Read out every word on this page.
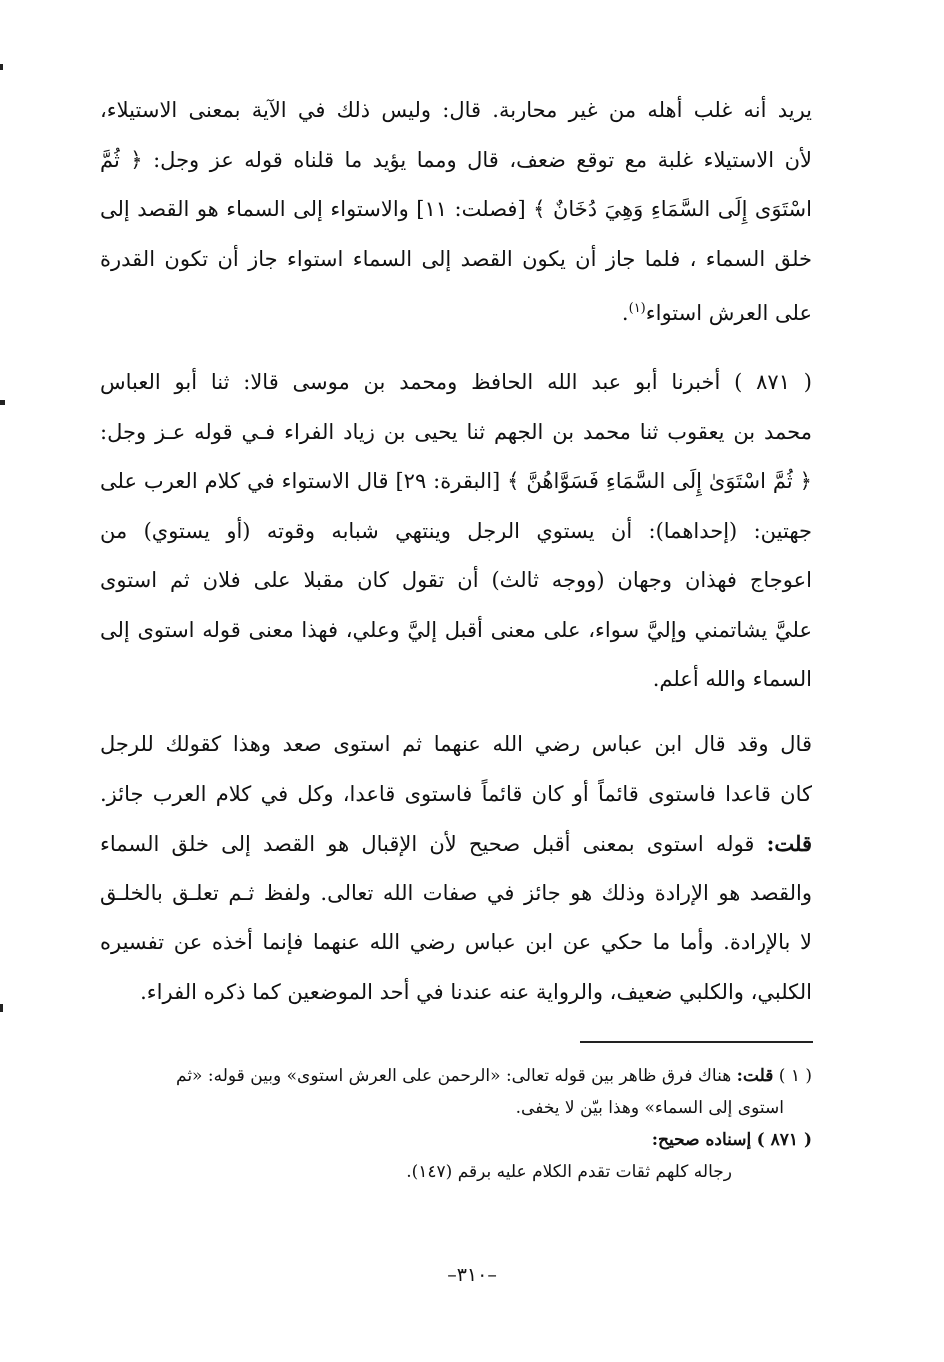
يريد أنه غلب أهله من غير محاربة. قال: وليس ذلك في الآية بمعنى الاستيلاء،
لأن الاستيلاء غلبة مع توقع ضعف، قال ومما يؤيد ما قلناه قوله عز وجل: ﴿ ثُمَّ
اسْتَوَى إِلَى السَّمَاءِ وَهِيَ دُخَانٌ ﴾ [فصلت: ١١] والاستواء إلى السماء هو القصد إلى
خلق السماء ، فلما جاز أن يكون القصد إلى السماء استواء جاز أن تكون القدرة
على العرش استواء$^{(١)}$.
( ٨٧١ ) أخبرنا أبو عبد الله الحافظ ومحمد بن موسى قالا: ثنا أبو العباس
محمد بن يعقوب ثنا محمد بن الجهم ثنا يحيى بن زياد الفراء فـي قوله عـز وجل:
﴿ ثُمَّ اسْتَوَىٰ إِلَى السَّمَاءِ فَسَوَّاهُنَّ ﴾ [البقرة: ٢٩] قال الاستواء في كلام العرب على
جهتين: (إحداهما): أن يستوي الرجل وينتهي شبابه وقوته (أو يستوي) من
اعوجاج فهذان وجهان (ووجه ثالث) أن تقول كان مقبلا على فلان ثم استوى
عليَّ يشاتمني وإليَّ سواء، على معنى أقبل إليَّ وعلي، فهذا معنى قوله استوى إلى
السماء والله أعلم.
قال وقد قال ابن عباس رضي الله عنهما ثم استوى صعد وهذا كقولك للرجل
كان قاعدا فاستوى قائماً أو كان قائماً فاستوى قاعدا، وكل في كلام العرب جائز.
قلت: قوله استوى بمعنى أقبل صحيح لأن الإقبال هو القصد إلى خلق السماء
والقصد هو الإرادة وذلك هو جائز في صفات الله تعالى. ولفظ ثـم تعلـق بالخلـق
لا بالإرادة. وأما ما حكي عن ابن عباس رضي الله عنهما فإنما أخذه عن تفسيره
الكلبي، والكلبي ضعيف، والرواية عنه عندنا في أحد الموضعين كما ذكره الفراء.
( ١ ) قلت: هناك فرق ظاهر بين قوله تعالى: «الرحمن على العرش استوى» وبين قوله: «ثم
استوى إلى السماء» وهذا بيّن لا يخفى.
( ٨٧١ ) إسناده صحيح:
رجاله كلهم ثقات تقدم الكلام عليه برقم (١٤٧).
–٣١٠–
